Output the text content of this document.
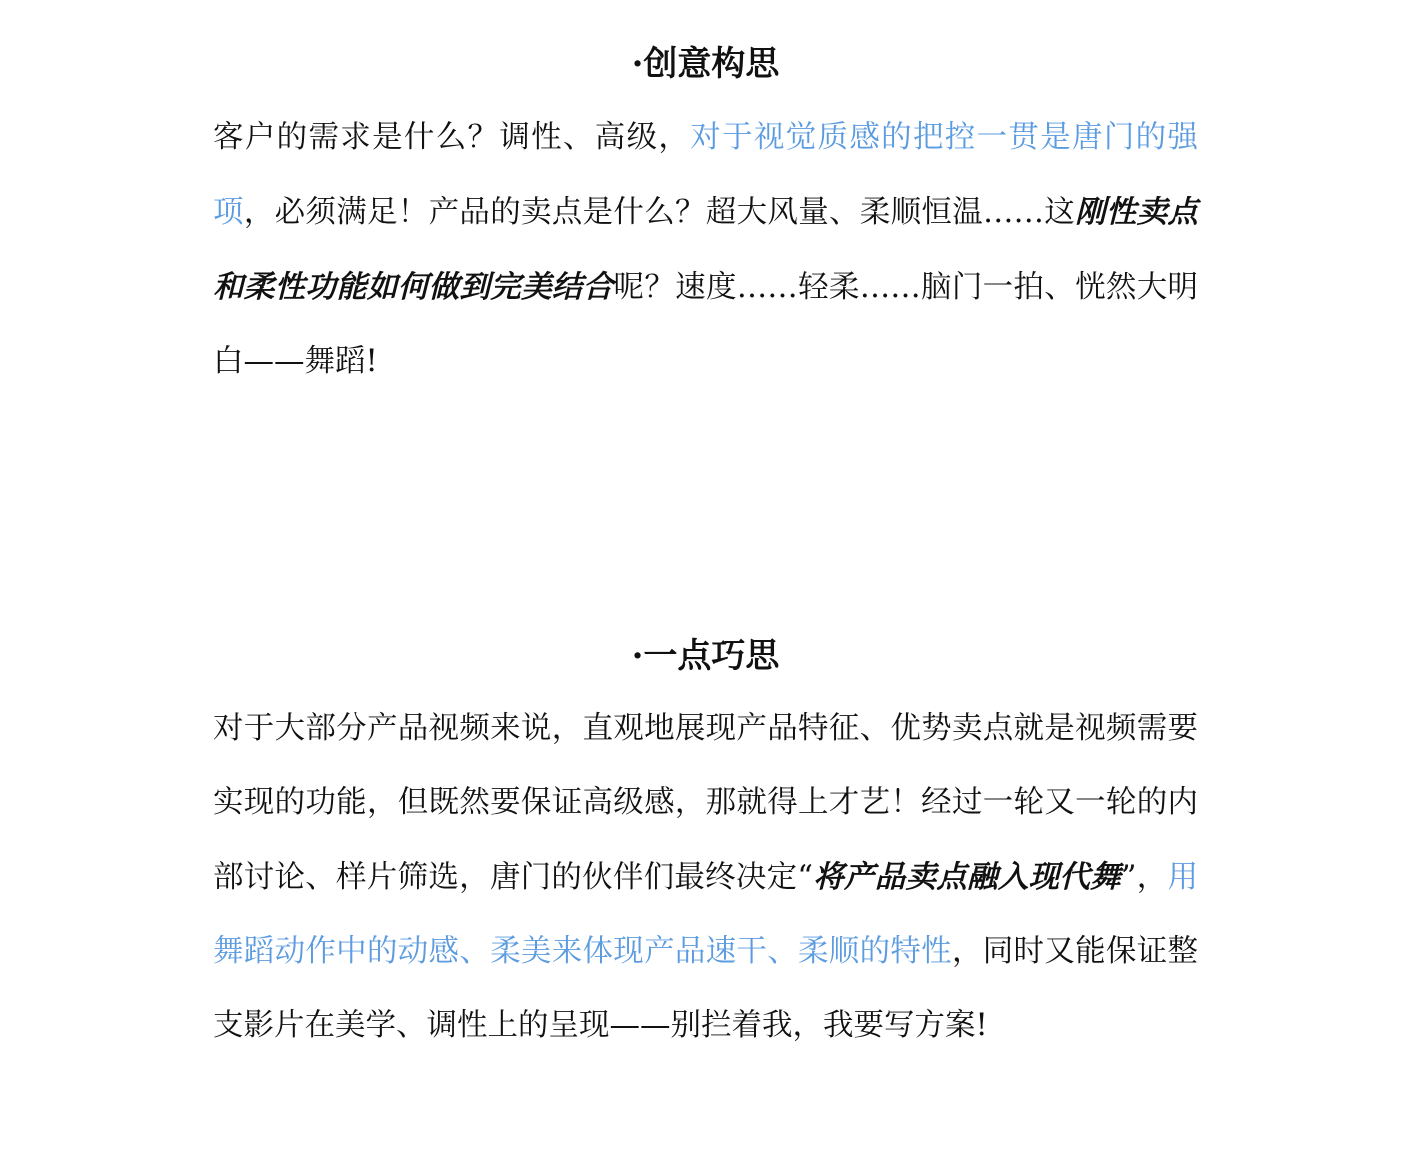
·创意构思

客户的需求是什么？调性、高级，对于视觉质感的把控一贯是唐门的强项，必须满足！产品的卖点是什么？超大风量、柔顺恒温……这刚性卖点和柔性功能如何做到完美结合呢？速度……轻柔……脑门一拍、恍然大明白——舞蹈!

·一点巧思

对于大部分产品视频来说，直观地展现产品特征、优势卖点就是视频需要实现的功能，但既然要保证高级感，那就得上才艺！经过一轮又一轮的内部讨论、样片筛选，唐门的伙伴们最终决定“将产品卖点融入现代舞”，用舞蹈动作中的动感、柔美来体现产品速干、柔顺的特性，同时又能保证整支影片在美学、调性上的呈现——别拦着我，我要写方案!
